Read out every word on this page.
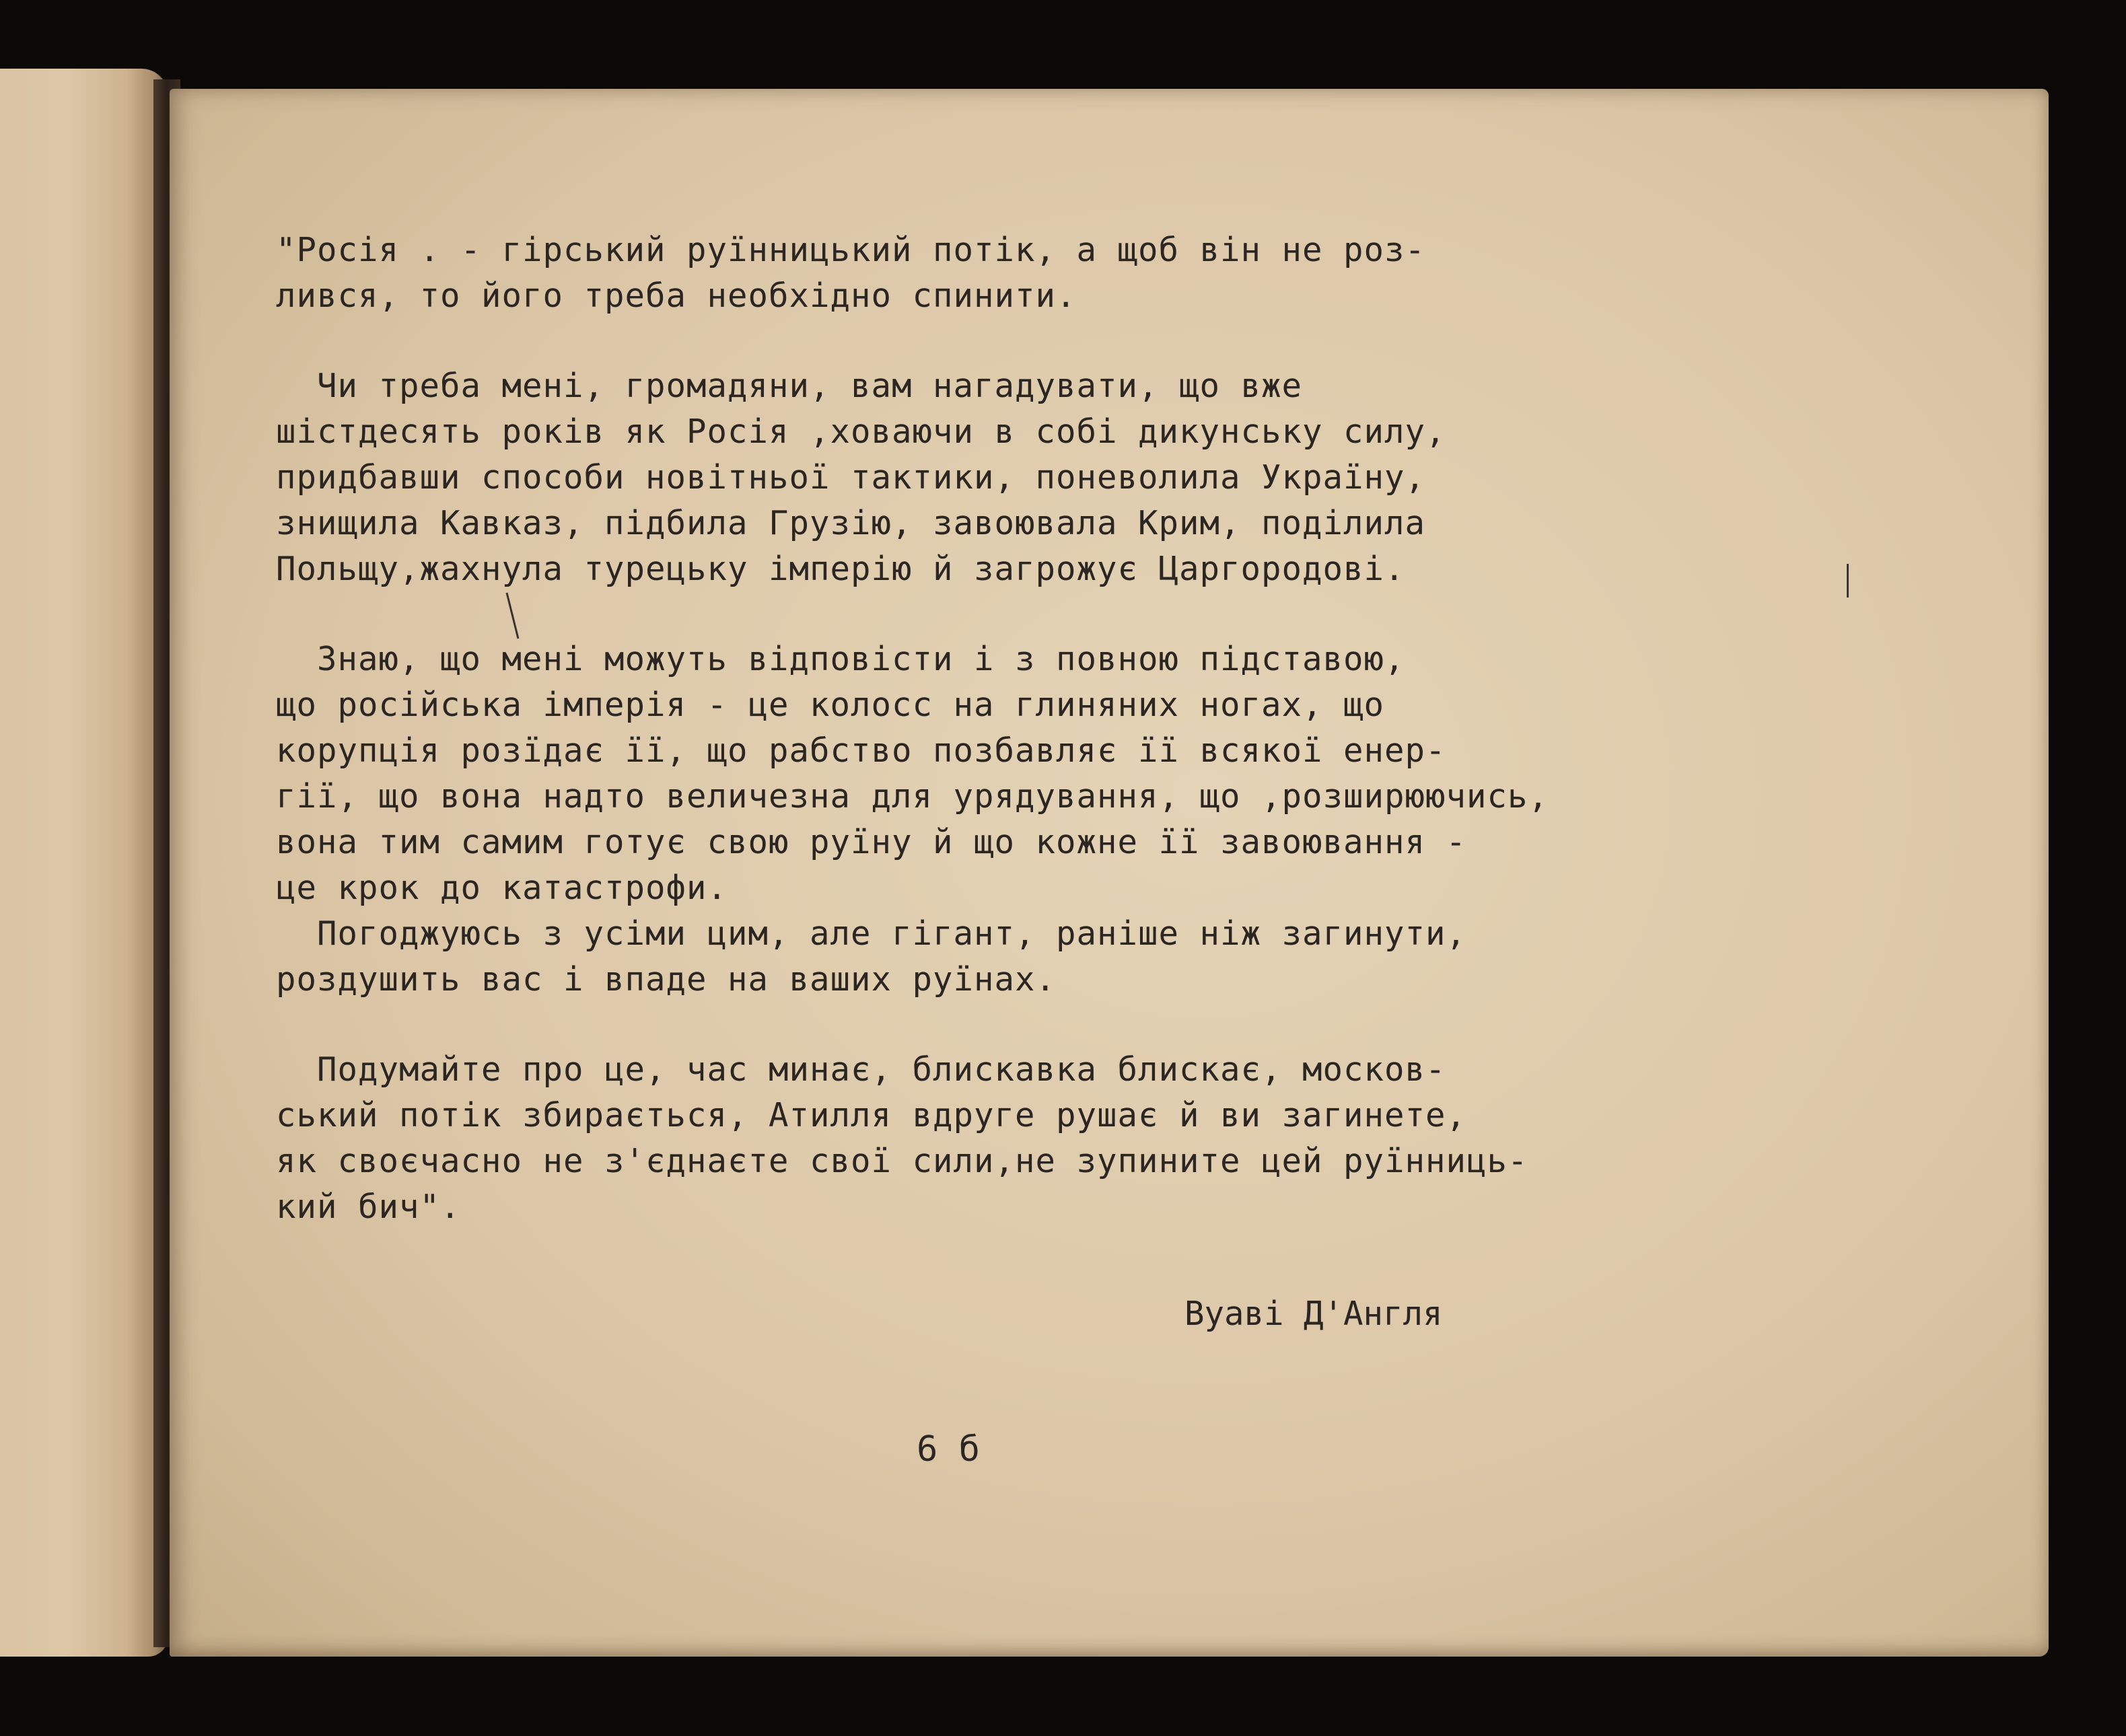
"Росія . - гірський руїнницький потік, а щоб він не роз-
лився, то його треба необхідно спинити.
Чи треба мені, громадяни, вам нагадувати, що вже
шістдесять років як Росія ,ховаючи в собі дикунську силу,
придбавши способи новітньої тактики, поневолила Україну,
знищила Кавказ, підбила Грузію, завоювала Крим, поділила
Польщу,жахнула турецьку імперію й загрожує Царгородові.
Знаю, що мені можуть відповісти і з повною підставою,
що російська імперія - це колосс на глиняних ногах, що
корупція розїдає її, що рабство позбавляє її всякої енер-
гії, що вона надто величезна для урядування, що ,розширюючись,
вона тим самим готує свою руїну й що кожне її завоювання -
це крок до катастрофи.
Погоджуюсь з усіми цим, але гігант, раніше ніж загинути,
роздушить вас і впаде на ваших руїнах.
Подумайте про це, час минає, блискавка блискає, москов-
ський потік збирається, Атилля вдруге рушає й ви загинете,
як своєчасно не з'єднаєте свої сили,не зупините цей руїнниць-
кий бич".
Вуаві Д'Англя
6 б
